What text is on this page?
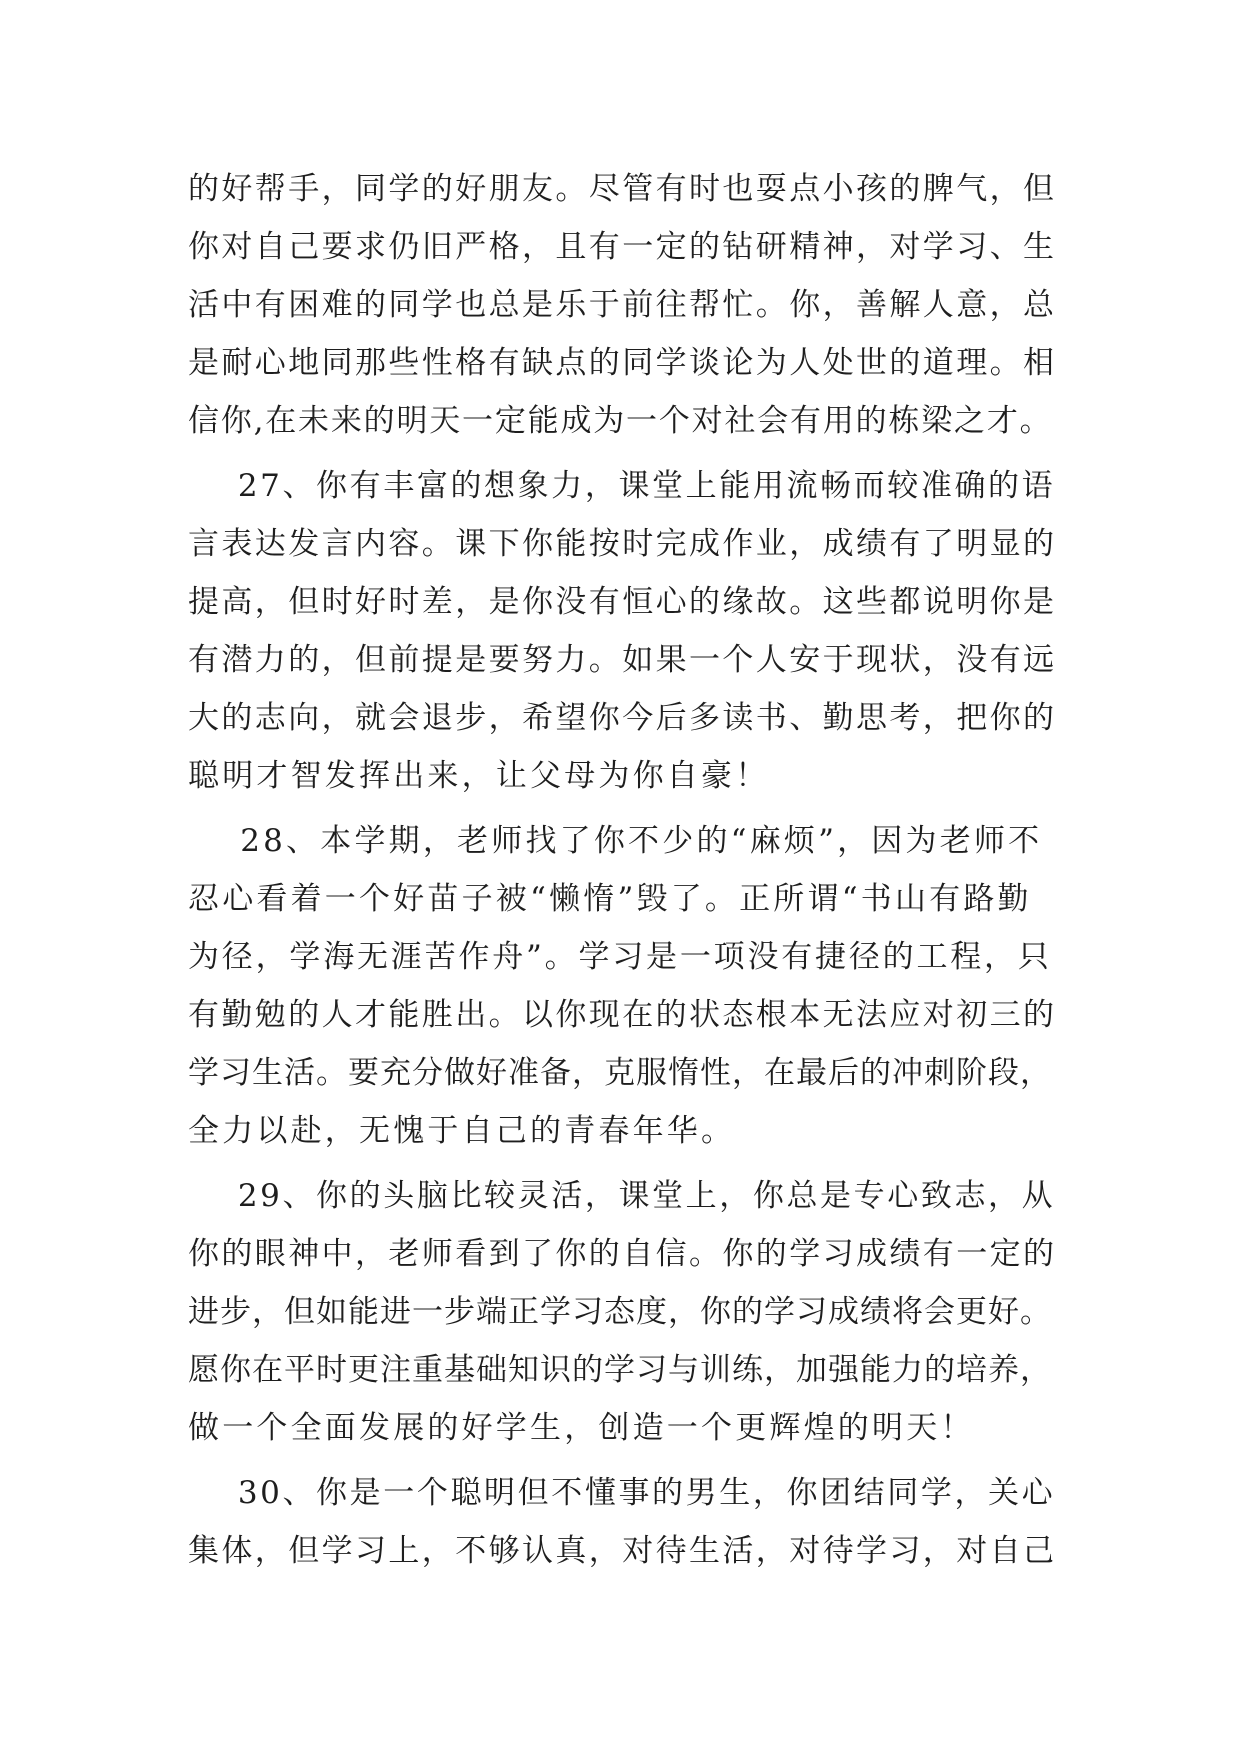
的好帮手，同学的好朋友。尽管有时也耍点小孩的脾气，但
你对自己要求仍旧严格，且有一定的钻研精神，对学习、生
活中有困难的同学也总是乐于前往帮忙。你，善解人意，总
是耐心地同那些性格有缺点的同学谈论为人处世的道理。相
信你,在未来的明天一定能成为一个对社会有用的栋梁之才。
27、你有丰富的想象力，课堂上能用流畅而较准确的语
言表达发言内容。课下你能按时完成作业，成绩有了明显的
提高，但时好时差，是你没有恒心的缘故。这些都说明你是
有潜力的，但前提是要努力。如果一个人安于现状，没有远
大的志向，就会退步，希望你今后多读书、勤思考，把你的
聪明才智发挥出来，让父母为你自豪！
28、本学期，老师找了你不少的“麻烦”，因为老师不
忍心看着一个好苗子被“懒惰”毁了。正所谓“书山有路勤
为径，学海无涯苦作舟”。学习是一项没有捷径的工程，只
有勤勉的人才能胜出。以你现在的状态根本无法应对初三的
学习生活。要充分做好准备，克服惰性，在最后的冲刺阶段，
全力以赴，无愧于自己的青春年华。
29、你的头脑比较灵活，课堂上，你总是专心致志，从
你的眼神中，老师看到了你的自信。你的学习成绩有一定的
进步，但如能进一步端正学习态度，你的学习成绩将会更好。
愿你在平时更注重基础知识的学习与训练，加强能力的培养，
做一个全面发展的好学生，创造一个更辉煌的明天！
30、你是一个聪明但不懂事的男生，你团结同学，关心
集体，但学习上，不够认真，对待生活，对待学习，对自己
